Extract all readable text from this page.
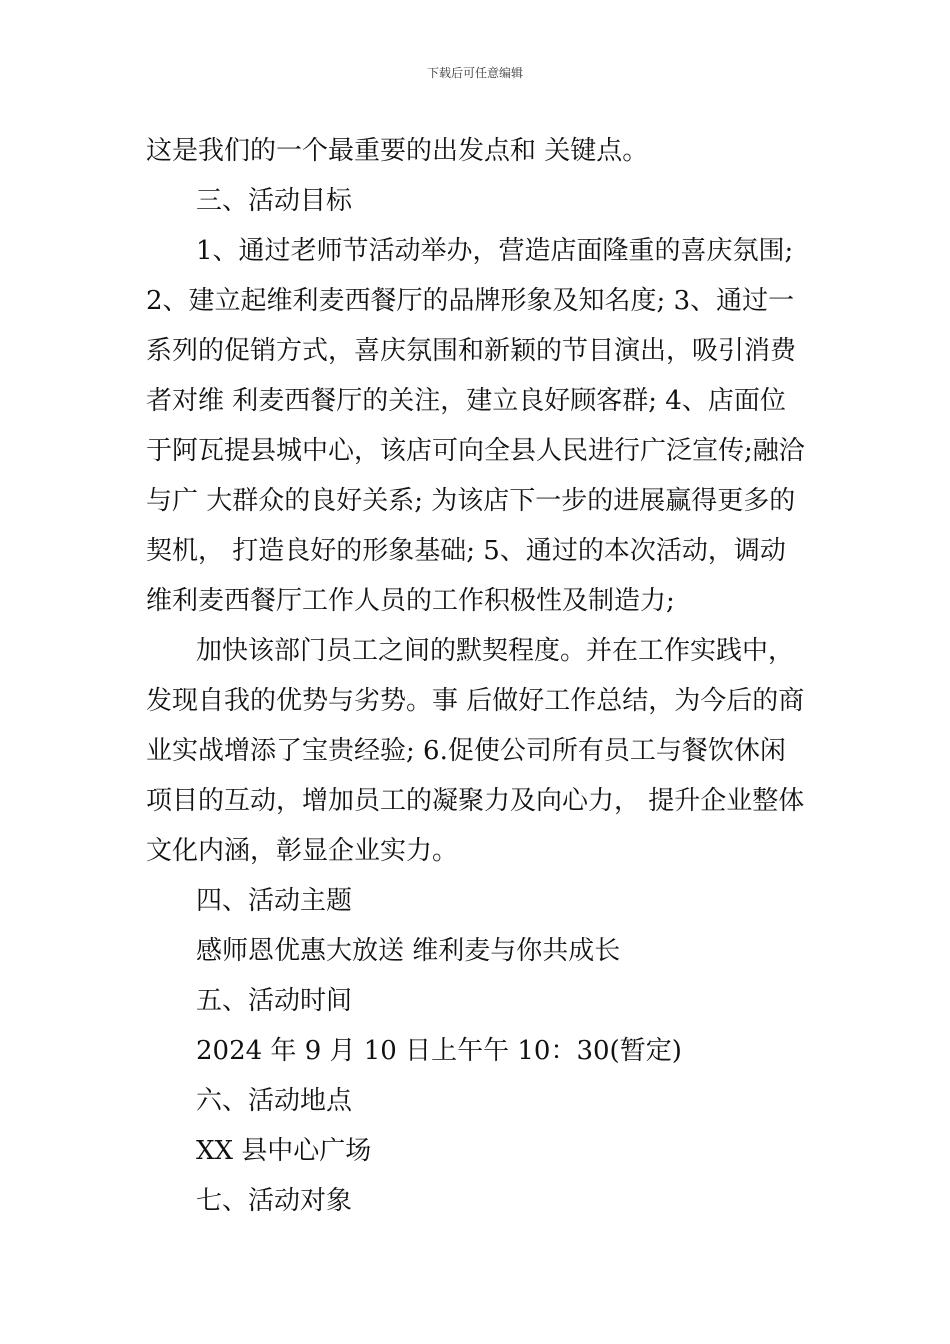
下载后可任意编辑
这是我们的一个最重要的出发点和 关键点。
三、活动目标
1、通过老师节活动举办，营造店面隆重的喜庆氛围;
2、建立起维利麦西餐厅的品牌形象及知名度; 3、通过一
系列的促销方式，喜庆氛围和新颖的节目演出，吸引消费
者对维 利麦西餐厅的关注，建立良好顾客群; 4、店面位
于阿瓦提县城中心，该店可向全县人民进行广泛宣传;融洽
与广 大群众的良好关系; 为该店下一步的进展赢得更多的
契机， 打造良好的形象基础; 5、通过的本次活动，调动
维利麦西餐厅工作人员的工作积极性及制造力;
加快该部门员工之间的默契程度。并在工作实践中，
发现自我的优势与劣势。事 后做好工作总结，为今后的商
业实战增添了宝贵经验; 6.促使公司所有员工与餐饮休闲
项目的互动，增加员工的凝聚力及向心力， 提升企业整体
文化内涵，彰显企业实力。
四、活动主题
感师恩优惠大放送 维利麦与你共成长
五、活动时间
2024 年 9 月 10 日上午午 10：30(暂定)
六、活动地点
XX 县中心广场
七、活动对象
